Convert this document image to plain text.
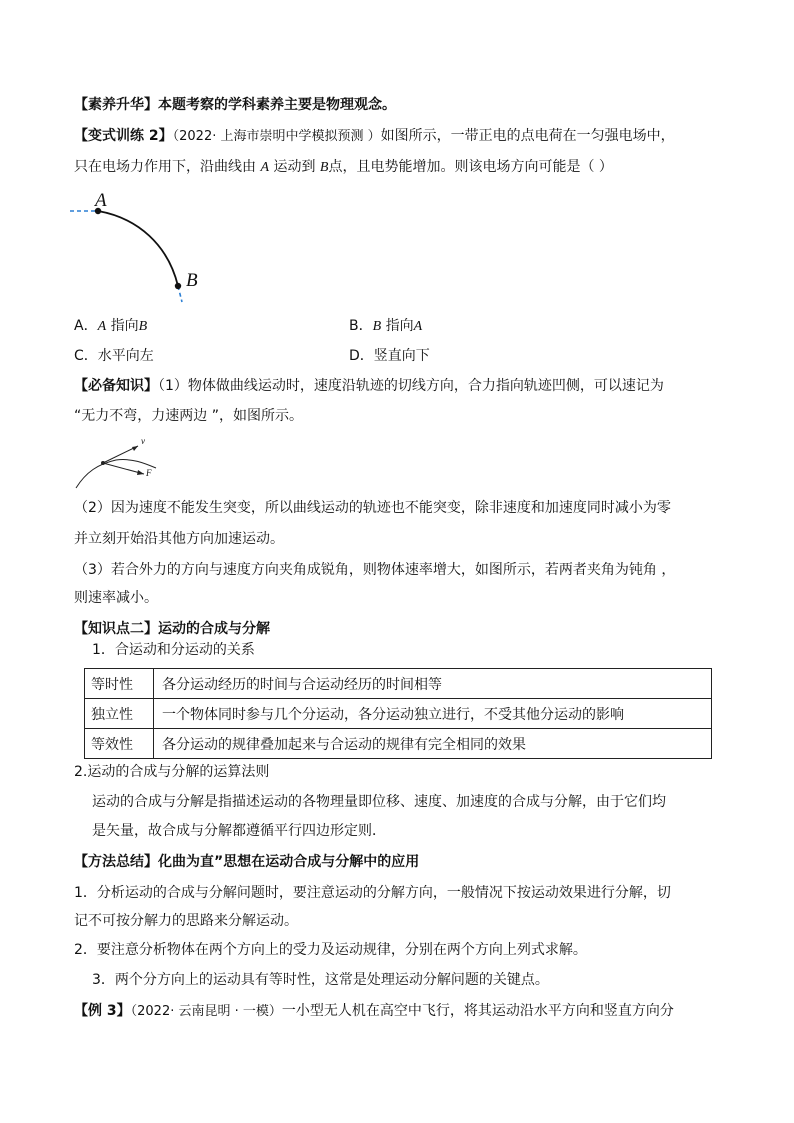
【素养升华】本题考察的学科素养主要是物理观念。
【变式训练 2】（2022· 上海市崇明中学模拟预测 ）如图所示，一带正电的点电荷在一匀强电场中，
只在电场力作用下，沿曲线由 A 运动到 B点，且电势能增加。则该电场方向可能是（ ）
A
B
A．A 指向B	B．B 指向A
C．水平向左	D．竖直向下
【必备知识】（1）物体做曲线运动时，速度沿轨迹的切线方向，合力指向轨迹凹侧，可以速记为
“无力不弯，力速两边 ”，如图所示。
v
F
（2）因为速度不能发生突变，所以曲线运动的轨迹也不能突变，除非速度和加速度同时减小为零
并立刻开始沿其他方向加速运动。
（3）若合外力的方向与速度方向夹角成锐角，则物体速率增大，如图所示，若两者夹角为钝角 ，
则速率减小。
【知识点二】运动的合成与分解
1．合运动和分运动的关系
等时性	各分运动经历的时间与合运动经历的时间相等
独立性	一个物体同时参与几个分运动，各分运动独立进行，不受其他分运动的影响
等效性	各分运动的规律叠加起来与合运动的规律有完全相同的效果
2.运动的合成与分解的运算法则
运动的合成与分解是指描述运动的各物理量即位移、速度、加速度的合成与分解，由于它们均
是矢量，故合成与分解都遵循平行四边形定则．
【方法总结】化曲为直”思想在运动合成与分解中的应用
1．分析运动的合成与分解问题时，要注意运动的分解方向，一般情况下按运动效果进行分解，切
记不可按分解力的思路来分解运动。
2．要注意分析物体在两个方向上的受力及运动规律，分别在两个方向上列式求解。
3．两个分方向上的运动具有等时性，这常是处理运动分解问题的关键点。
【例 3】（2022· 云南昆明 · 一模）一小型无人机在高空中飞行，将其运动沿水平方向和竖直方向分
